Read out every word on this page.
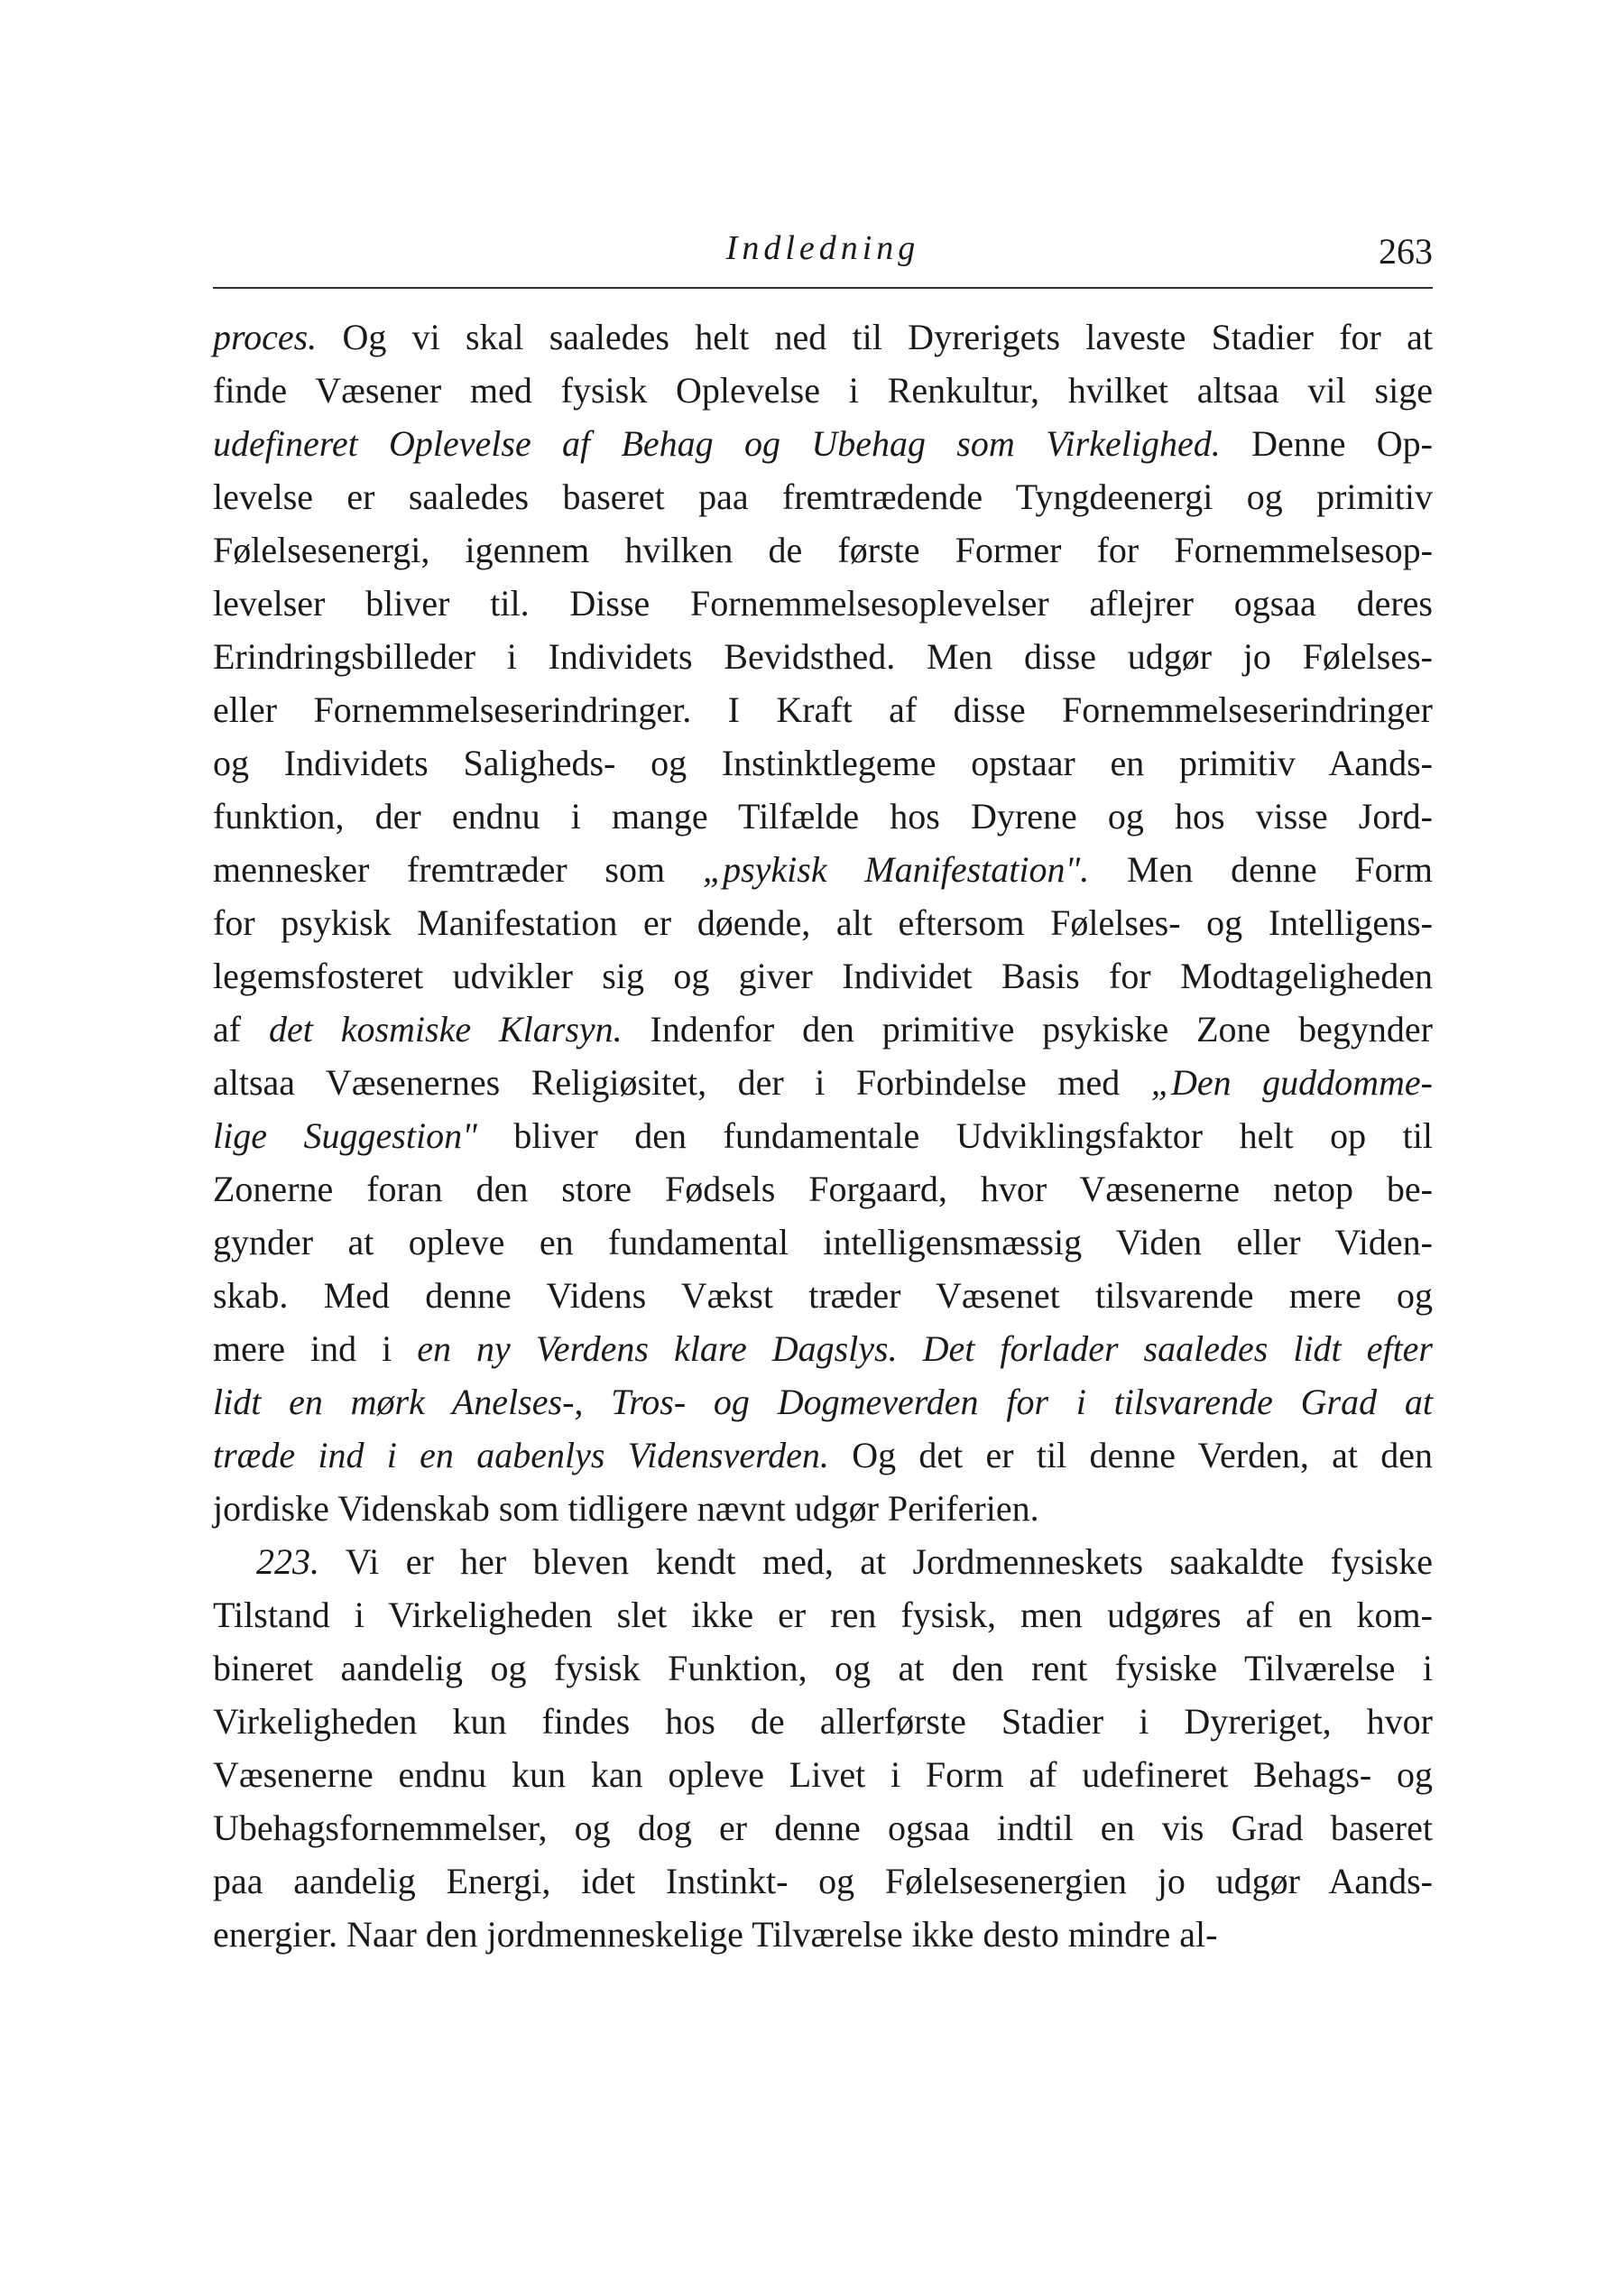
Indledning	263

proces. Og vi skal saaledes helt ned til Dyrerigets laveste Stadier for at
finde Væsener med fysisk Oplevelse i Renkultur, hvilket altsaa vil sige
udefineret Oplevelse af Behag og Ubehag som Virkelighed. Denne Op-
levelse er saaledes baseret paa fremtrædende Tyngdeenergi og primitiv
Følelsesenergi, igennem hvilken de første Former for Fornemmelsesop-
levelser bliver til. Disse Fornemmelsesoplevelser aflejrer ogsaa deres
Erindringsbilleder i Individets Bevidsthed. Men disse udgør jo Følelses-
eller Fornemmelseserindringer. I Kraft af disse Fornemmelseserindringer
og Individets Saligheds- og Instinktlegeme opstaar en primitiv Aands-
funktion, der endnu i mange Tilfælde hos Dyrene og hos visse Jord-
mennesker fremtræder som „psykisk Manifestation". Men denne Form
for psykisk Manifestation er døende, alt eftersom Følelses- og Intelligens-
legemsfosteret udvikler sig og giver Individet Basis for Modtageligheden
af det kosmiske Klarsyn. Indenfor den primitive psykiske Zone begynder
altsaa Væsenernes Religiøsitet, der i Forbindelse med „Den guddomme-
lige Suggestion" bliver den fundamentale Udviklingsfaktor helt op til
Zonerne foran den store Fødsels Forgaard, hvor Væsenerne netop be-
gynder at opleve en fundamental intelligensmæssig Viden eller Viden-
skab. Med denne Videns Vækst træder Væsenet tilsvarende mere og
mere ind i en ny Verdens klare Dagslys. Det forlader saaledes lidt efter
lidt en mørk Anelses-, Tros- og Dogmeverden for i tilsvarende Grad at
træde ind i en aabenlys Vidensverden. Og det er til denne Verden, at den
jordiske Videnskab som tidligere nævnt udgør Periferien.

223. Vi er her bleven kendt med, at Jordmenneskets saakaldte fysiske
Tilstand i Virkeligheden slet ikke er ren fysisk, men udgøres af en kom-
bineret aandelig og fysisk Funktion, og at den rent fysiske Tilværelse i
Virkeligheden kun findes hos de allerførste Stadier i Dyreriget, hvor
Væsenerne endnu kun kan opleve Livet i Form af udefineret Behags- og
Ubehagsfornemmelser, og dog er denne ogsaa indtil en vis Grad baseret
paa aandelig Energi, idet Instinkt- og Følelsesenergien jo udgør Aands-
energier. Naar den jordmenneskelige Tilværelse ikke desto mindre al-
